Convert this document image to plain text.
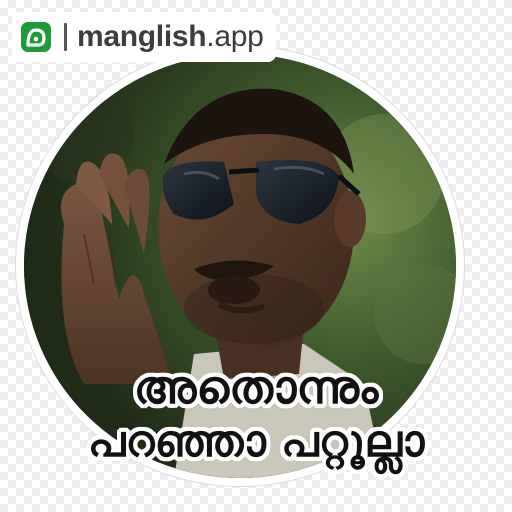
manglish.app
അതൊന്നും
പറഞ്ഞാ പറ്റൂല്ലാ
